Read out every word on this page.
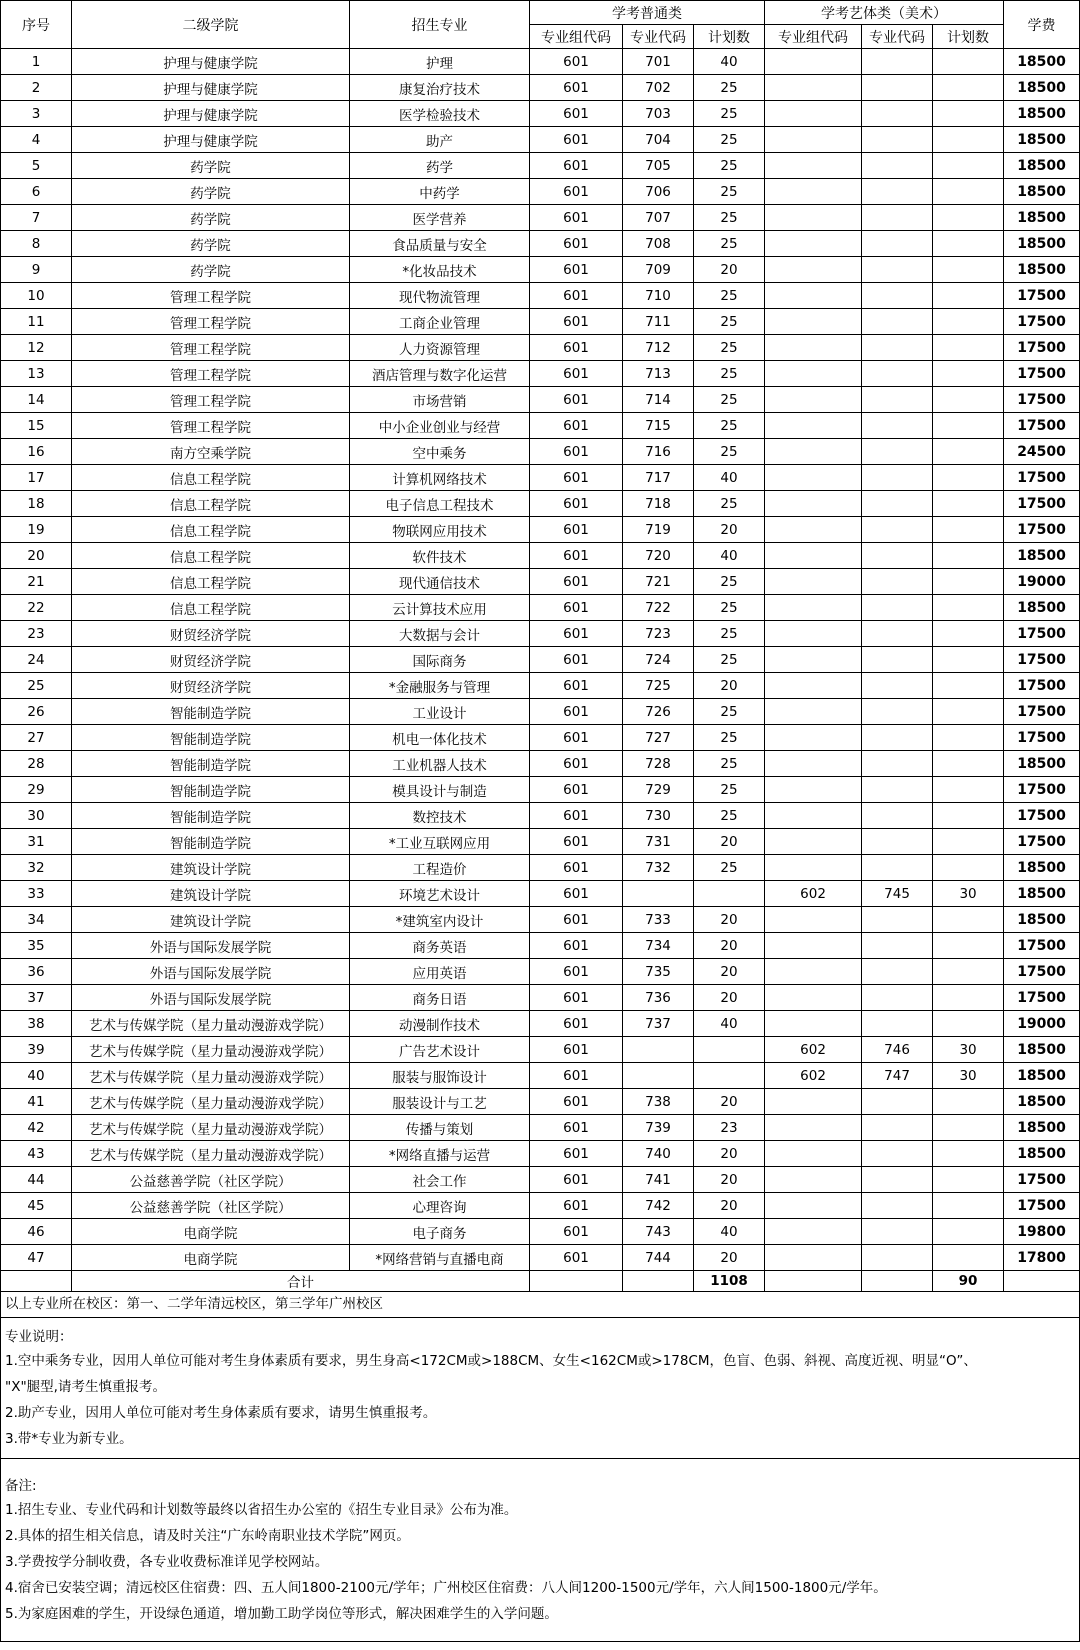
序号	二级学院	招生专业	学考普通类			学考艺体类（美术）			学费
			专业组代码	专业代码	计划数	专业组代码	专业代码	计划数	
1	护理与健康学院	护理	601	701	40				18500
2	护理与健康学院	康复治疗技术	601	702	25				18500
3	护理与健康学院	医学检验技术	601	703	25				18500
4	护理与健康学院	助产	601	704	25				18500
5	药学院	药学	601	705	25				18500
6	药学院	中药学	601	706	25				18500
7	药学院	医学营养	601	707	25				18500
8	药学院	食品质量与安全	601	708	25				18500
9	药学院	*化妆品技术	601	709	20				18500
10	管理工程学院	现代物流管理	601	710	25				17500
11	管理工程学院	工商企业管理	601	711	25				17500
12	管理工程学院	人力资源管理	601	712	25				17500
13	管理工程学院	酒店管理与数字化运营	601	713	25				17500
14	管理工程学院	市场营销	601	714	25				17500
15	管理工程学院	中小企业创业与经营	601	715	25				17500
16	南方空乘学院	空中乘务	601	716	25				24500
17	信息工程学院	计算机网络技术	601	717	40				17500
18	信息工程学院	电子信息工程技术	601	718	25				17500
19	信息工程学院	物联网应用技术	601	719	20				17500
20	信息工程学院	软件技术	601	720	40				18500
21	信息工程学院	现代通信技术	601	721	25				19000
22	信息工程学院	云计算技术应用	601	722	25				18500
23	财贸经济学院	大数据与会计	601	723	25				17500
24	财贸经济学院	国际商务	601	724	25				17500
25	财贸经济学院	*金融服务与管理	601	725	20				17500
26	智能制造学院	工业设计	601	726	25				17500
27	智能制造学院	机电一体化技术	601	727	25				17500
28	智能制造学院	工业机器人技术	601	728	25				18500
29	智能制造学院	模具设计与制造	601	729	25				17500
30	智能制造学院	数控技术	601	730	25				17500
31	智能制造学院	*工业互联网应用	601	731	20				17500
32	建筑设计学院	工程造价	601	732	25				18500
33	建筑设计学院	环境艺术设计	601			602	745	30	18500
34	建筑设计学院	*建筑室内设计	601	733	20				18500
35	外语与国际发展学院	商务英语	601	734	20				17500
36	外语与国际发展学院	应用英语	601	735	20				17500
37	外语与国际发展学院	商务日语	601	736	20				17500
38	艺术与传媒学院（星力量动漫游戏学院）	动漫制作技术	601	737	40				19000
39	艺术与传媒学院（星力量动漫游戏学院）	广告艺术设计	601			602	746	30	18500
40	艺术与传媒学院（星力量动漫游戏学院）	服装与服饰设计	601			602	747	30	18500
41	艺术与传媒学院（星力量动漫游戏学院）	服装设计与工艺	601	738	20				18500
42	艺术与传媒学院（星力量动漫游戏学院）	传播与策划	601	739	23				18500
43	艺术与传媒学院（星力量动漫游戏学院）	*网络直播与运营	601	740	20				18500
44	公益慈善学院（社区学院）	社会工作	601	741	20				17500
45	公益慈善学院（社区学院）	心理咨询	601	742	20				17500
46	电商学院	电子商务	601	743	40				19800
47	电商学院	*网络营销与直播电商	601	744	20				17800
	合计				1108			90	
以上专业所在校区：第一、二学年清远校区，第三学年广州校区
专业说明：
1.空中乘务专业，因用人单位可能对考生身体素质有要求，男生身高<172CM或>188CM、女生<162CM或>178CM，色盲、色弱、斜视、高度近视、明显“O”、
"X"腿型,请考生慎重报考。
2.助产专业，因用人单位可能对考生身体素质有要求，请男生慎重报考。
3.带*专业为新专业。
备注:
1.招生专业、专业代码和计划数等最终以省招生办公室的《招生专业目录》公布为准。
2.具体的招生相关信息，请及时关注“广东岭南职业技术学院”网页。
3.学费按学分制收费，各专业收费标准详见学校网站。
4.宿舍已安装空调；清远校区住宿费：四、五人间1800-2100元/学年；广州校区住宿费：八人间1200-1500元/学年，六人间1500-1800元/学年。
5.为家庭困难的学生，开设绿色通道，增加勤工助学岗位等形式，解决困难学生的入学问题。
